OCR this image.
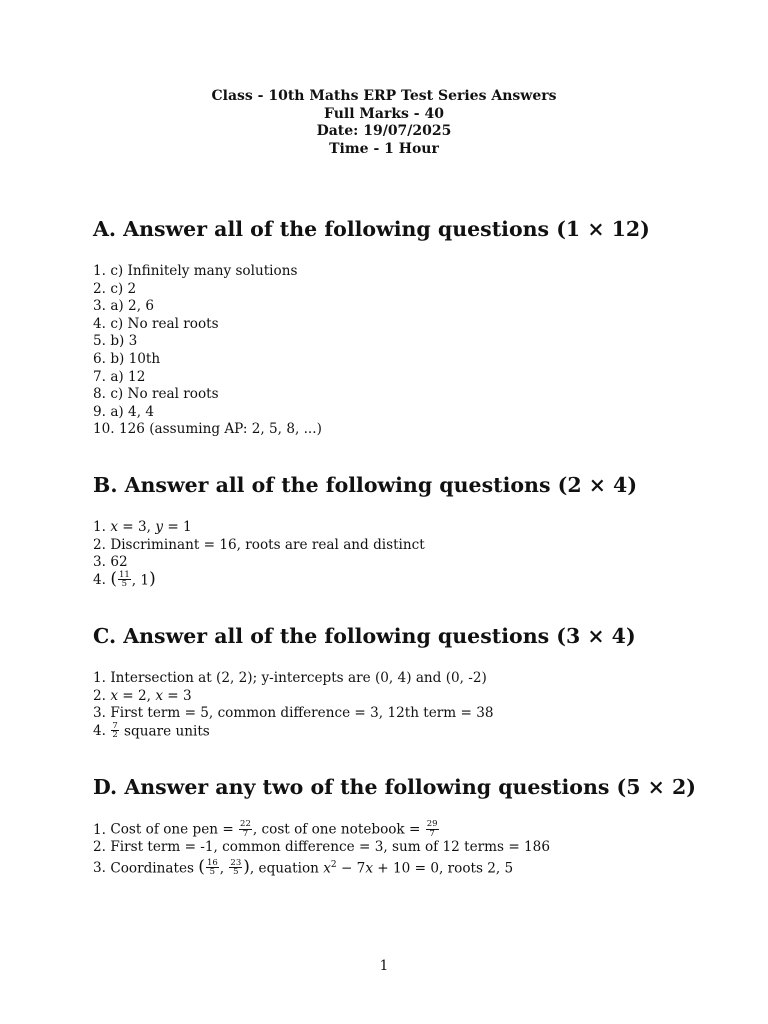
Class - 10th Maths ERP Test Series Answers
Full Marks - 40
Date: 19/07/2025
Time - 1 Hour
A. Answer all of the following questions (1 × 12)
1. c) Infinitely many solutions
2. c) 2
3. a) 2, 6
4. c) No real roots
5. b) 3
6. b) 10th
7. a) 12
8. c) No real roots
9. a) 4, 4
10. 126 (assuming AP: 2, 5, 8, ...)
B. Answer all of the following questions (2 × 4)
1. x = 3, y = 1
2. Discriminant = 16, roots are real and distinct
3. 62
4. ( $\frac{11}{5}$ , 1)
C. Answer all of the following questions (3 × 4)
1. Intersection at (2, 2); y-intercepts are (0, 4) and (0, -2)
2. x = 2, x = 3
3. First term = 5, common difference = 3, 12th term = 38
4. $\frac{7}{2}$ square units
D. Answer any two of the following questions (5 × 2)
1. Cost of one pen = $\frac{22}{7}$ , cost of one notebook = $\frac{29}{7}$
2. First term = -1, common difference = 3, sum of 12 terms = 186
3. Coordinates ( $\frac{16}{5}$ , $\frac{23}{5}$ ), equation $x^2 - 7x + 10 = 0$, roots 2, 5
1
